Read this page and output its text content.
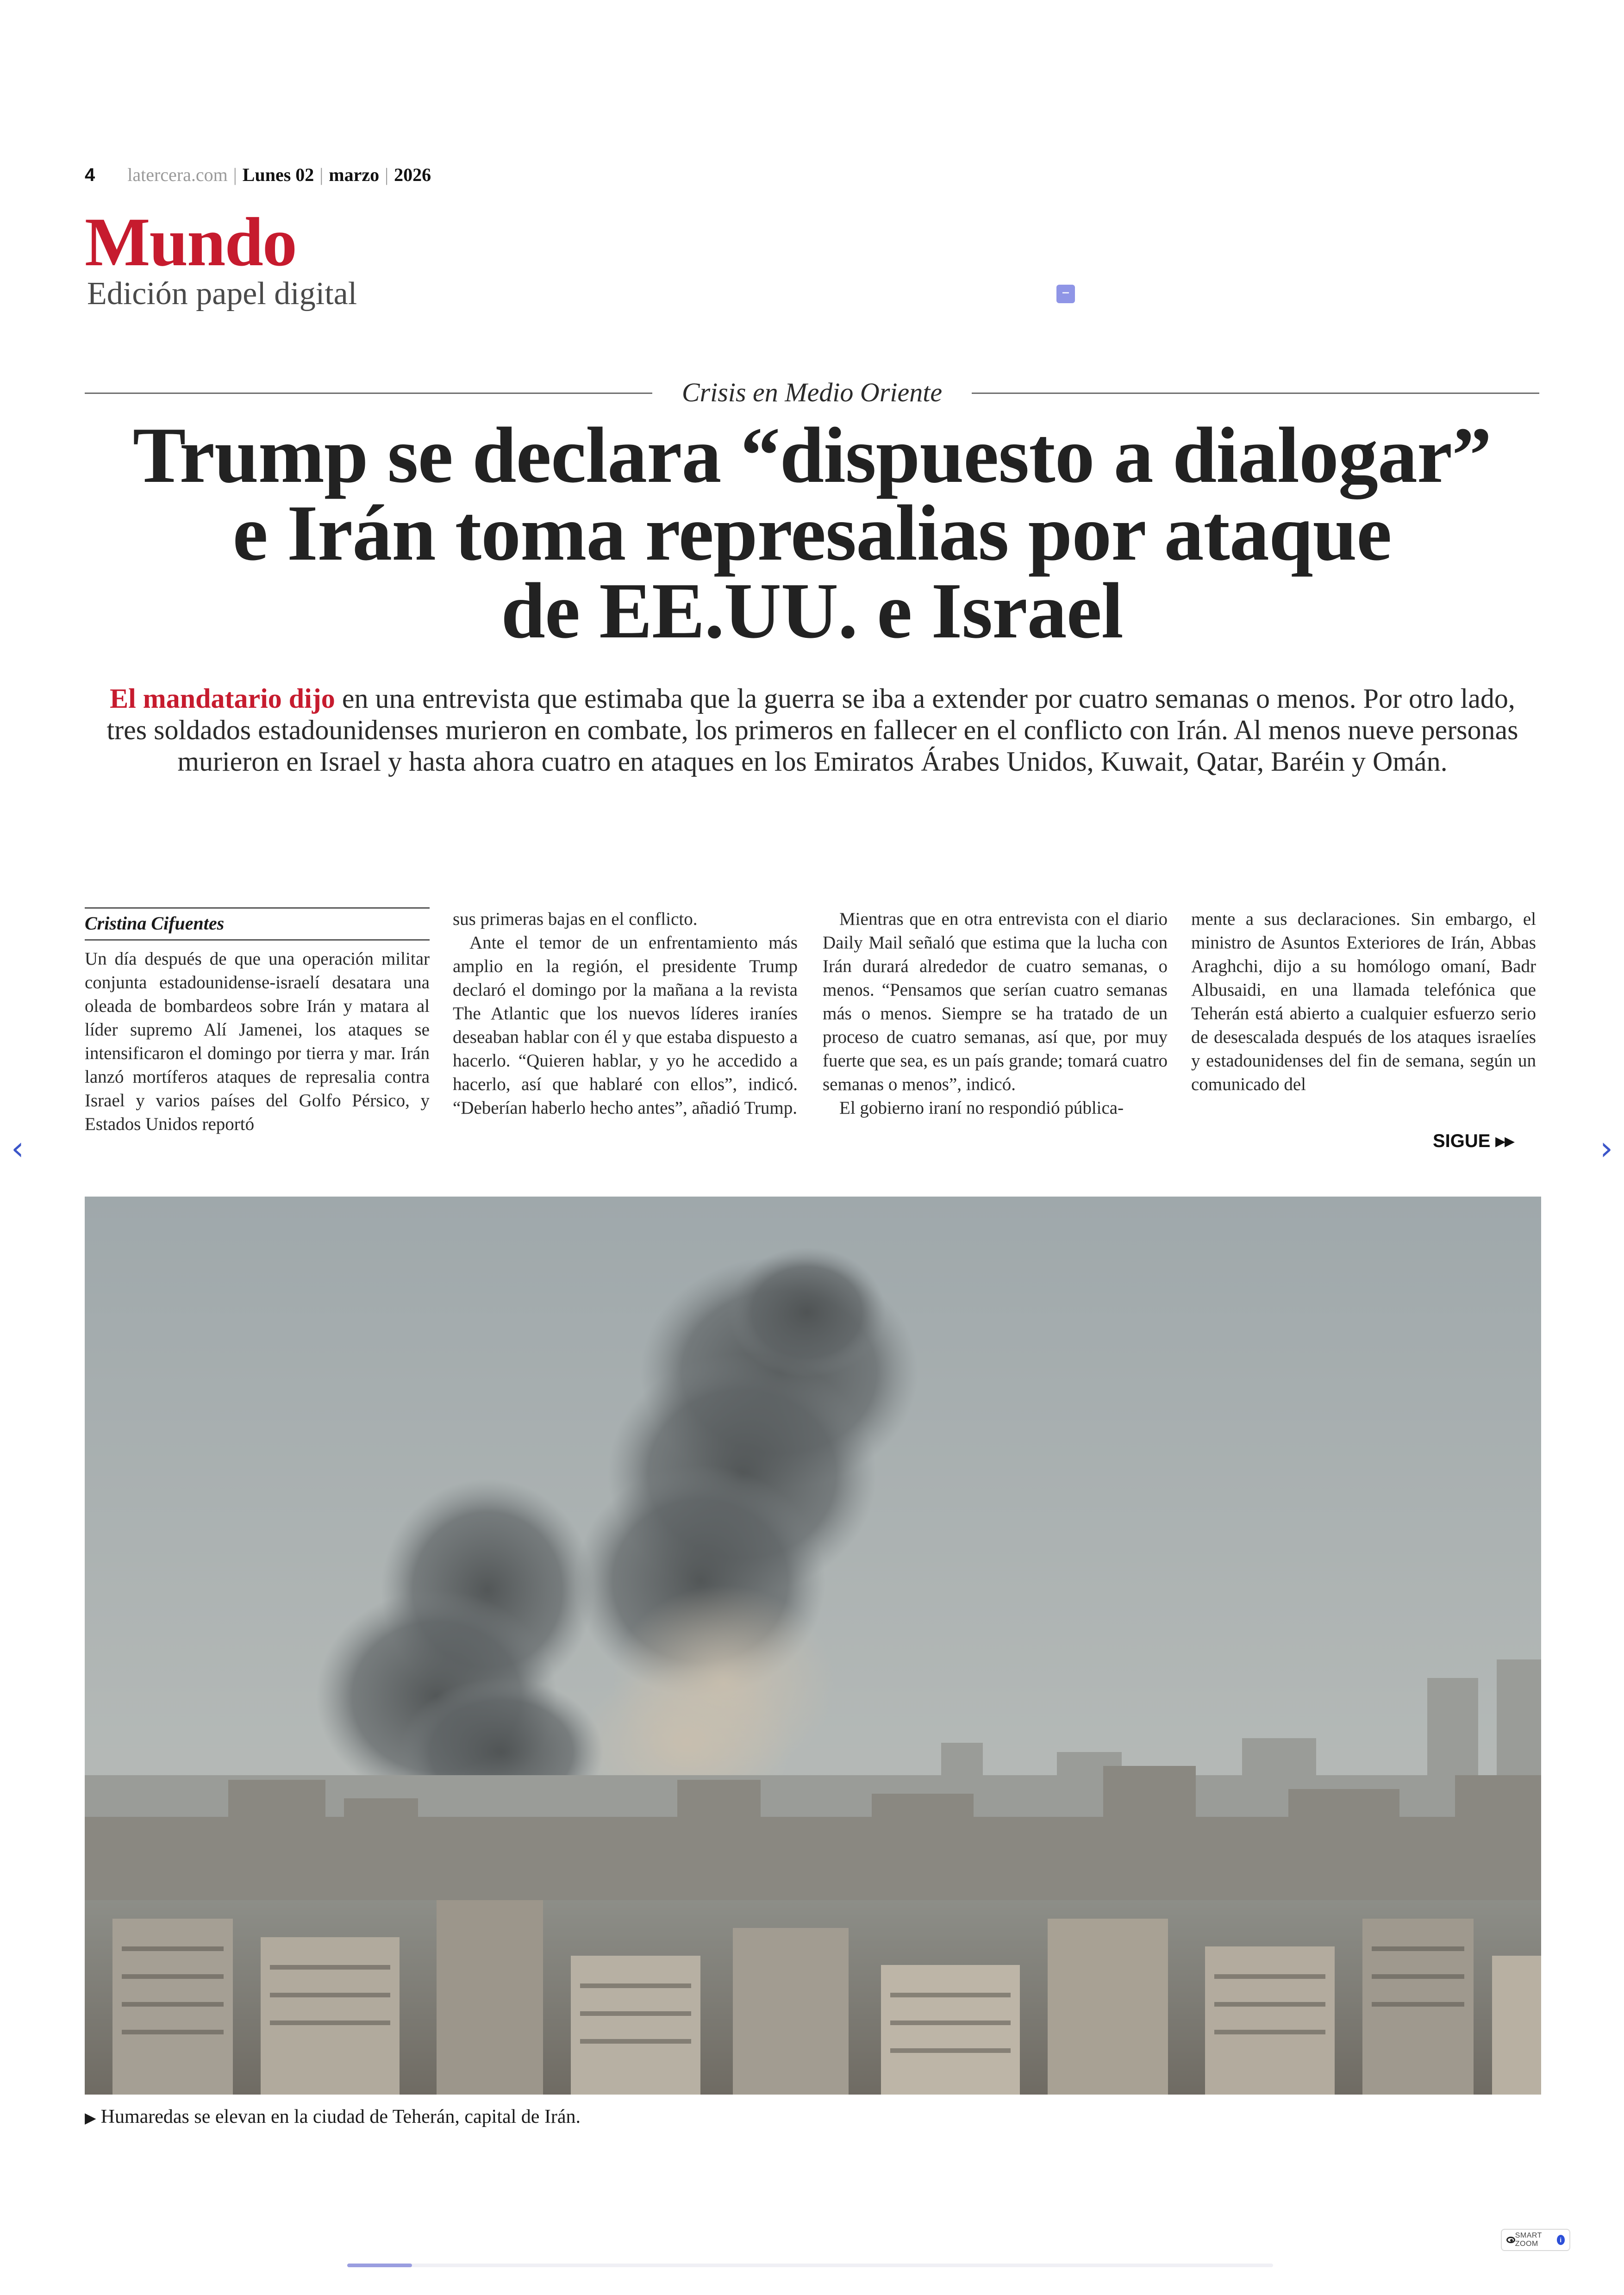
4 latercera.com | Lunes 02 | marzo | 2026
Mundo
Edición papel digital
Crisis en Medio Oriente
Trump se declara “dispuesto a dialogar”
e Irán toma represalias por ataque
de EE.UU. e Israel
El mandatario dijo en una entrevista que estimaba que la guerra se iba a extender por cuatro semanas o menos. Por otro lado, tres soldados estadounidenses murieron en combate, los primeros en fallecer en el conflicto con Irán. Al menos nueve personas murieron en Israel y hasta ahora cuatro en ataques en los Emiratos Árabes Unidos, Kuwait, Qatar, Baréin y Omán.
Cristina Cifuentes

Un día después de que una operación militar conjunta estadounidense-israelí desatara una oleada de bombardeos sobre Irán y matara al líder supremo Alí Jamenei, los ataques se intensificaron el domingo por tierra y mar. Irán lanzó mortíferos ataques de represalia contra Israel y varios países del Golfo Pérsico, y Estados Unidos reportó

sus primeras bajas en el conflicto.

Ante el temor de un enfrentamiento más amplio en la región, el presidente Trump declaró el domingo por la mañana a la revista The Atlantic que los nuevos líderes iraníes deseaban hablar con él y que estaba dispuesto a hacerlo. “Quieren hablar, y yo he accedido a hacerlo, así que hablaré con ellos”, indicó. “Deberían haberlo hecho antes”, añadió Trump.

Mientras que en otra entrevista con el diario Daily Mail señaló que estima que la lucha con Irán durará alrededor de cuatro semanas, o menos. “Pensamos que serían cuatro semanas más o menos. Siempre se ha tratado de un proceso de cuatro semanas, así que, por muy fuerte que sea, es un país grande; tomará cuatro semanas o menos”, indicó.

El gobierno iraní no respondió pública-

mente a sus declaraciones. Sin embargo, el ministro de Asuntos Exteriores de Irán, Abbas Araghchi, dijo a su homólogo omaní, Badr Albusaidi, en una llamada telefónica que Teherán está abierto a cualquier esfuerzo serio de desescalada después de los ataques israelíes y estadounidenses del fin de semana, según un comunicado del

SIGUE ▸▸
‹	›
▶ Humaredas se elevan en la ciudad de Teherán, capital de Irán.
SMART ZOOM	i
